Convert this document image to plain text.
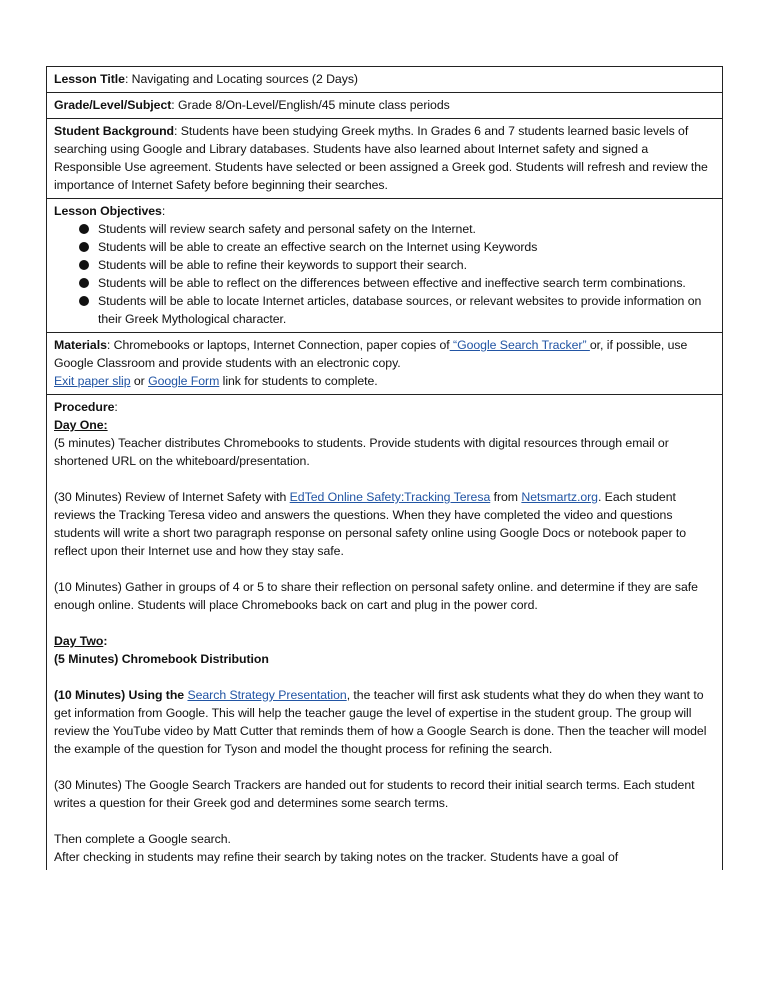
Lesson Title: Navigating and Locating sources (2 Days)
Grade/Level/Subject: Grade 8/On-Level/English/45 minute class periods
Student Background: Students have been studying Greek myths. In Grades 6 and 7 students learned basic levels of searching using Google and Library databases. Students have also learned about Internet safety and signed a Responsible Use agreement. Students have selected or been assigned a Greek god. Students will refresh and review the importance of Internet Safety before beginning their searches.
Lesson Objectives:
Students will review search safety and personal safety on the Internet.
Students will be able to create an effective search on the Internet using Keywords
Students will be able to refine their keywords to support their search.
Students will be able to reflect on the differences between effective and ineffective search term combinations.
Students will be able to locate Internet articles, database sources, or relevant websites to provide information on their Greek Mythological character.

Materials: Chromebooks or laptops, Internet Connection, paper copies of “Google Search Tracker” or, if possible, use Google Classroom and provide students with an electronic copy.
Exit paper slip or Google Form link for students to complete.

Procedure:
Day One:
(5 minutes) Teacher distributes Chromebooks to students. Provide students with digital resources through email or shortened URL on the whiteboard/presentation.
(30 Minutes) Review of Internet Safety with EdTed Online Safety:Tracking Teresa from Netsmartz.org. Each student reviews the Tracking Teresa video and answers the questions. When they have completed the video and questions students will write a short two paragraph response on personal safety online using Google Docs or notebook paper to reflect upon their Internet use and how they stay safe.
(10 Minutes) Gather in groups of 4 or 5 to share their reflection on personal safety online. and determine if they are safe enough online. Students will place Chromebooks back on cart and plug in the power cord.
Day Two:
(5 Minutes) Chromebook Distribution
(10 Minutes) Using the Search Strategy Presentation, the teacher will first ask students what they do when they want to get information from Google. This will help the teacher gauge the level of expertise in the student group. The group will review the YouTube video by Matt Cutter that reminds them of how a Google Search is done. Then the teacher will model the example of the question for Tyson and model the thought process for refining the search.
(30 Minutes) The Google Search Trackers are handed out for students to record their initial search terms. Each student writes a question for their Greek god and determines some search terms.
Then complete a Google search.
After checking in students may refine their search by taking notes on the tracker. Students have a goal of
